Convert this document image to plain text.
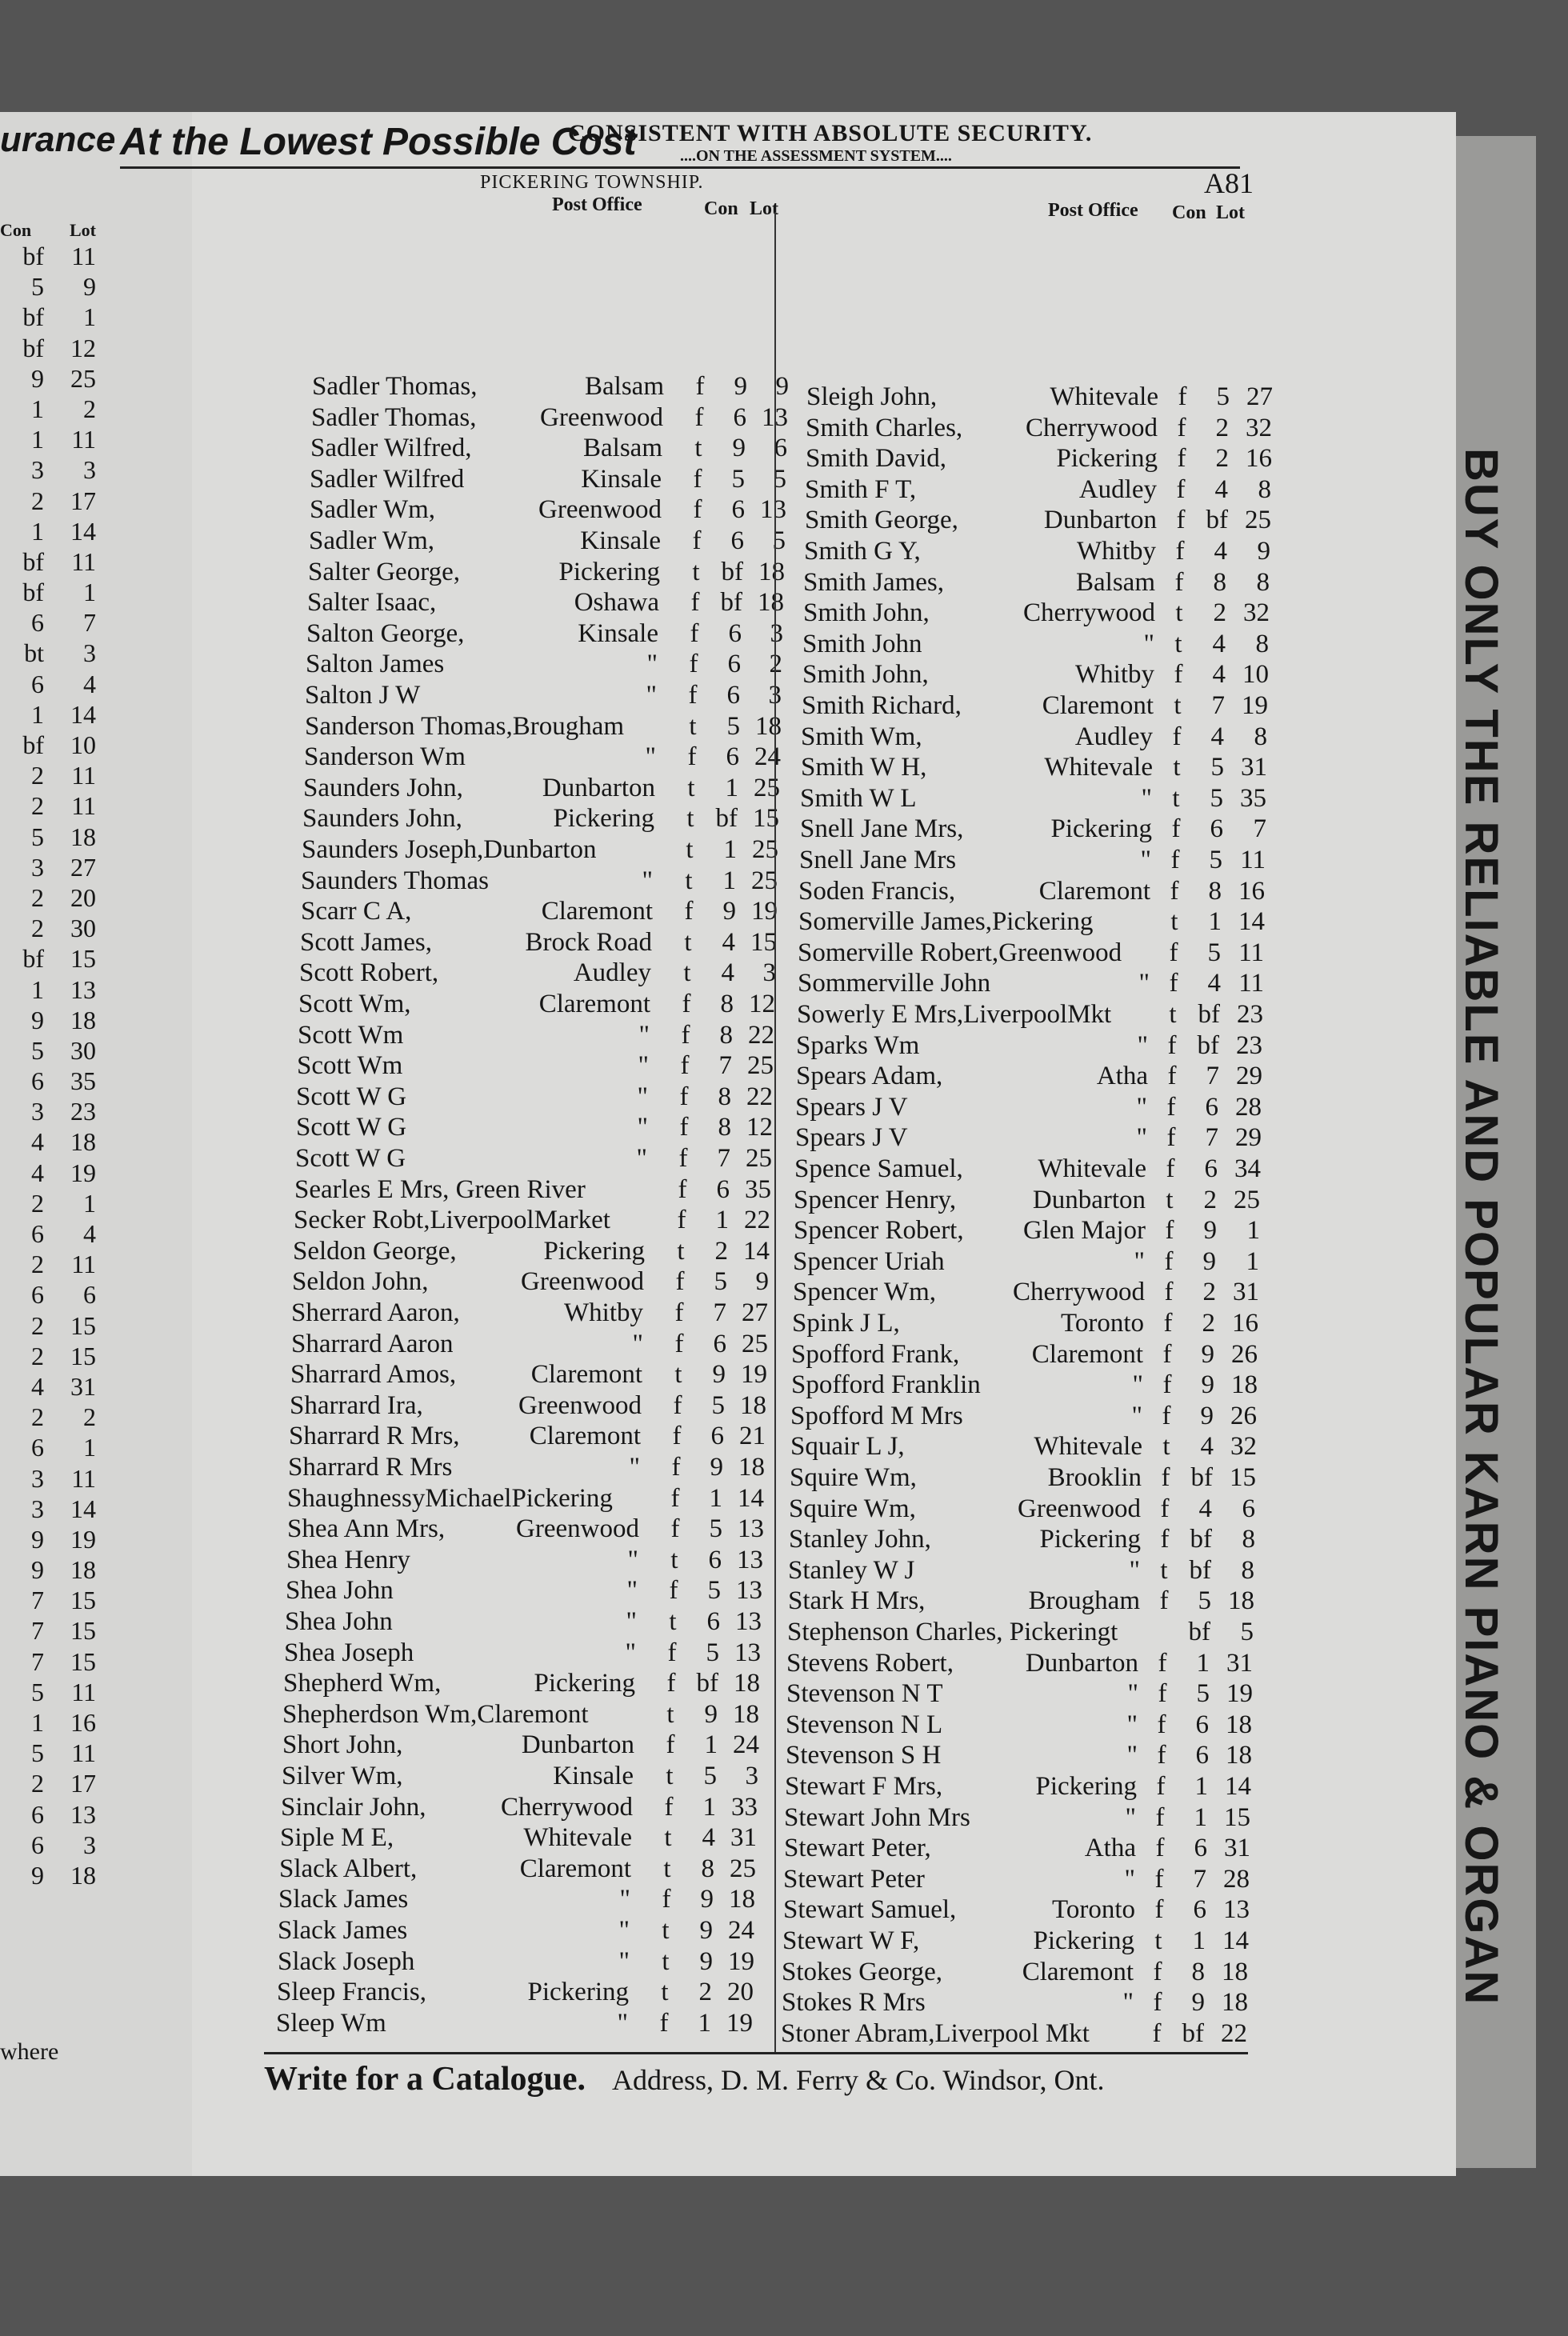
urance
Con Lot
bf	11
5	9
bf	1
bf	12
9	25
1	2
1	11
3	3
2	17
1	14
bf	11
bf	1
6	7
bt	3
6	4
1	14
bf	10
2	11
2	11
5	18
3	27
2	20
2	30
bf	15
1	13
9	18
5	30
6	35
3	23
4	18
4	19
2	1
6	4
2	11
6	6
2	15
2	15
4	31
2	2
6	1
3	11
3	14
9	19
9	18
7	15
7	15
7	15
5	11
1	16
5	11
2	17
6	13
6	3
9	18
where
BUY ONLY THE RELIABLE AND POPULAR KARN PIANO & ORGAN
At the Lowest Possible Cost
CONSISTENT WITH ABSOLUTE SECURITY.
....ON THE ASSESSMENT SYSTEM....
PICKERING TOWNSHIP.	A81
Post Office	Con Lot	Post Office Con Lot
Sadler Thomas,	Balsam f	9	9
Sadler Thomas, Greenwood f	6 13
Sadler Wilfred,	Balsam	t	9	6
Sadler Wilfred	Kinsale f	5	5
Sadler Wm,	Greenwood f	6 13
Sadler Wm,	Kinsale f	6	5
Salter George,	Pickering	t bf 18
Salter Isaac,	Oshawa f bf 18
Salton George,	Kinsale f	6	3
Salton James	" f	6	2
Salton J W	" f	6	3
Sanderson Thomas,Brougham	t	5 18
Sanderson Wm	" f	6 24
Saunders John,	Dunbarton	t	1 25
Saunders John,	Pickering	t bf 15
Saunders Joseph,Dunbarton	t	1 25
Saunders Thomas	"	t	1 25
Scarr C A,	Claremont f	9 19
Scott James,	Brock Road	t	4 15
Scott Robert,	Audley	t	4	3
Scott Wm,	Claremont f	8 12
Scott Wm	" f	8 22
Scott Wm	" f	7 25
Scott W G	" f	8 22
Scott W G	" f	8 12
Scott W G	" f	7 25
Searles E Mrs, Green River	f	6 35
Secker Robt,LiverpoolMarket	f	1 22
Seldon George,	Pickering	t	2 14
Seldon John,	Greenwood f	5	9
Sherrard Aaron,	Whitby f	7 27
Sharrard Aaron	" f	6 25
Sharrard Amos,	Claremont	t	9 19
Sharrard Ira,	Greenwood f	5 18
Sharrard R Mrs,	Claremont f	6 21
Sharrard R Mrs	" f	9 18
ShaughnessyMichaelPickering f	1 14
Shea Ann Mrs,	Greenwood f	5 13
Shea Henry	"	t	6 13
Shea John	" f	5 13
Shea John	"	t	6 13
Shea Joseph	" f	5 13
Shepherd Wm,	Pickering f bf 18
Shepherdson Wm,Claremont	t	9 18
Short John,	Dunbarton f	1 24
Silver Wm,	Kinsale	t	5	3
Sinclair John,	Cherrywood f	1 33
Siple M E,	Whitevale	t	4 31
Slack Albert,	Claremont	t	8 25
Slack James	" f	9 18
Slack James	"	t	9 24
Slack Joseph	"	t	9 19
Sleep Francis,	Pickering	t	2 20
Sleep Wm	" f	1 19
Sleigh John,	Whitevale f	5 27
Smith Charles, Cherrywood f	2 32
Smith David,	Pickering f	2 16
Smith F T,	Audley f	4	8
Smith George,	Dunbarton f bf 25
Smith G Y,	Whitby f	4	9
Smith James,	Balsam f	8	8
Smith John,	Cherrywood t	2 32
Smith John	" t	4	8
Smith John,	Whitby f	4 10
Smith Richard,	Claremont t	7 19
Smith Wm,	Audley f	4	8
Smith W H,	Whitevale t	5 31
Smith W L	" t	5 35
Snell Jane Mrs,	Pickering f	6	7
Snell Jane Mrs	" f	5 11
Soden Francis,	Claremont f	8 16
Somerville James,Pickering	t	1 14
Somerville Robert,Greenwood f	5 11
Sommerville John	" f	4 11
Sowerly E Mrs,LiverpoolMkt	t bf 23
Sparks Wm	" f bf 23
Spears Adam,	Atha f	7 29
Spears J V	" f	6 28
Spears J V	" f	7 29
Spence Samuel,	Whitevale f	6 34
Spencer Henry,	Dunbarton t	2 25
Spencer Robert, Glen Major f	9	1
Spencer Uriah	" f	9	1
Spencer Wm,	Cherrywood f	2 31
Spink J L,	Toronto f	2 16
Spofford Frank,	Claremont f	9 26
Spofford Franklin	" f	9 18
Spofford M Mrs	" f	9 26
Squair L J,	Whitevale t	4 32
Squire Wm,	Brooklin f bf 15
Squire Wm,	Greenwood f	4	6
Stanley John,	Pickering f bf	8
Stanley W J	" t bf	8
Stark H Mrs,	Brougham f	5 18
Stephenson Charles, Pickeringt	bf	5
Stevens Robert,	Dunbarton f	1 31
Stevenson N T	" f	5 19
Stevenson N L	" f	6 18
Stevenson S H	" f	6 18
Stewart F Mrs,	Pickering f	1 14
Stewart John Mrs	" f	1 15
Stewart Peter,	Atha f	6 31
Stewart Peter	" f	7 28
Stewart Samuel,	Toronto f	6 13
Stewart W F,	Pickering t	1 14
Stokes George,	Claremont f	8 18
Stokes R Mrs	" f	9 18
Stoner Abram,Liverpool Mkt f bf 22
Write for a Catalogue. Address, D. M. Ferry & Co. Windsor, Ont.
